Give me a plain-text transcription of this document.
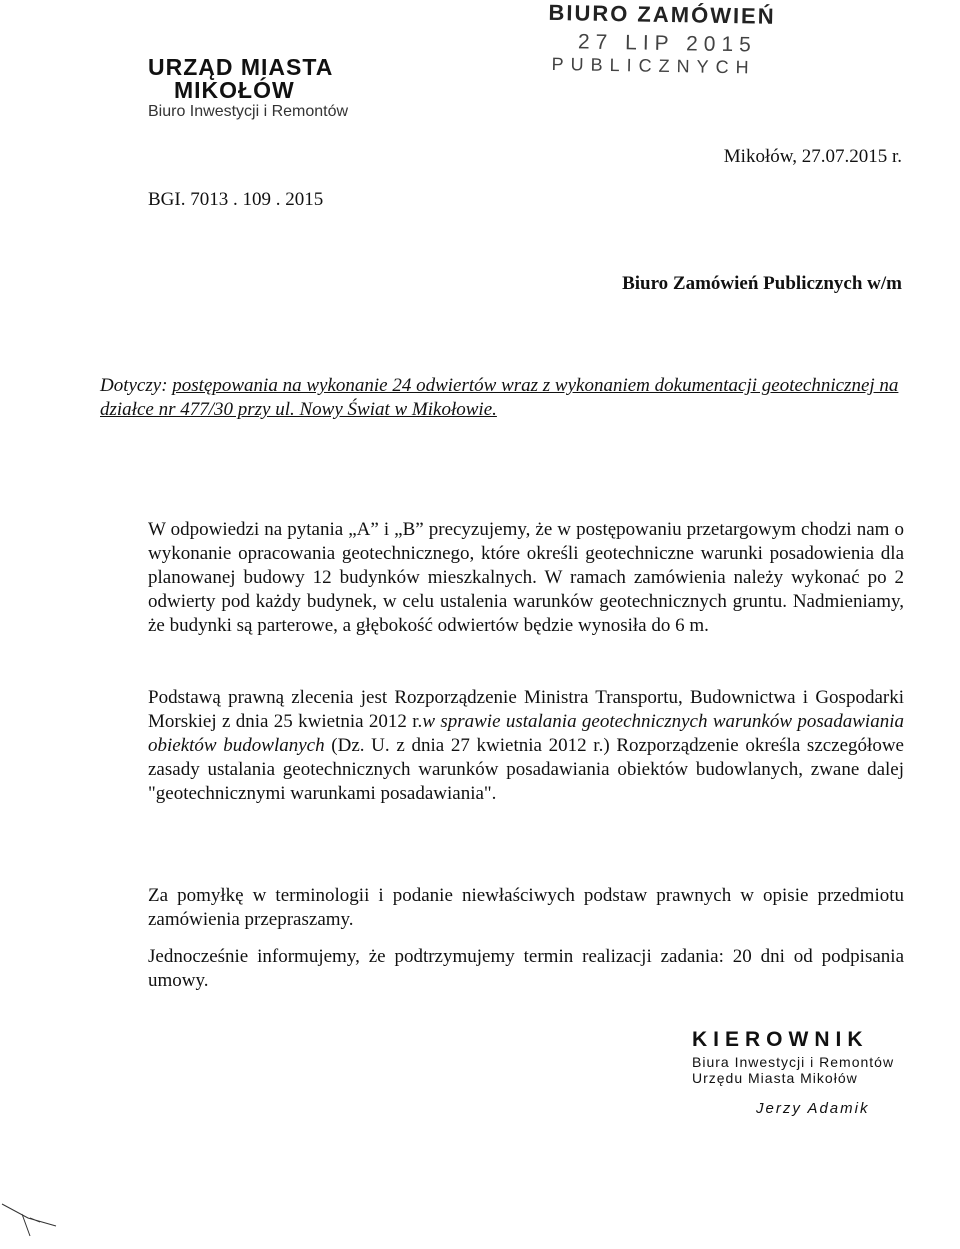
URZĄD MIASTA
MIKOŁÓW
Biuro Inwestycji i Remontów
BIURO ZAMÓWIEŃ
27 LIP 2015
PUBLICZNYCH
Mikołów, 27.07.2015 r.
BGI. 7013 . 109 . 2015
Biuro Zamówień Publicznych w/m
Dotyczy: postępowania na wykonanie 24 odwiertów wraz z wykonaniem dokumentacji geotechnicznej na działce nr 477/30 przy ul. Nowy Świat w Mikołowie.

W odpowiedzi na pytania „A” i „B” precyzujemy, że w postępowaniu przetargowym chodzi nam o wykonanie opracowania geotechnicznego, które określi geotechniczne warunki posadowienia dla planowanej budowy 12 budynków mieszkalnych. W ramach zamówienia należy wykonać po 2 odwierty pod każdy budynek, w celu ustalenia warunków geotechnicznych gruntu. Nadmieniamy, że budynki są parterowe, a głębokość odwiertów będzie wynosiła do 6 m.

Podstawą prawną zlecenia jest Rozporządzenie Ministra Transportu, Budownictwa i Gospodarki Morskiej z dnia 25 kwietnia 2012 r.w sprawie ustalania geotechnicznych warunków posadawiania obiektów budowlanych (Dz. U. z dnia 27 kwietnia 2012 r.) Rozporządzenie określa szczegółowe zasady ustalania geotechnicznych warunków posadawiania obiektów budowlanych, zwane dalej "geotechnicznymi warunkami posadawiania".

Za pomyłkę w terminologii i podanie niewłaściwych podstaw prawnych w opisie przedmiotu zamówienia przepraszamy.

Jednocześnie informujemy, że podtrzymujemy termin realizacji zadania: 20 dni od podpisania umowy.

KIEROWNIK
Biura Inwestycji i Remontów
Urzędu Miasta Mikołów
Jerzy Adamik
